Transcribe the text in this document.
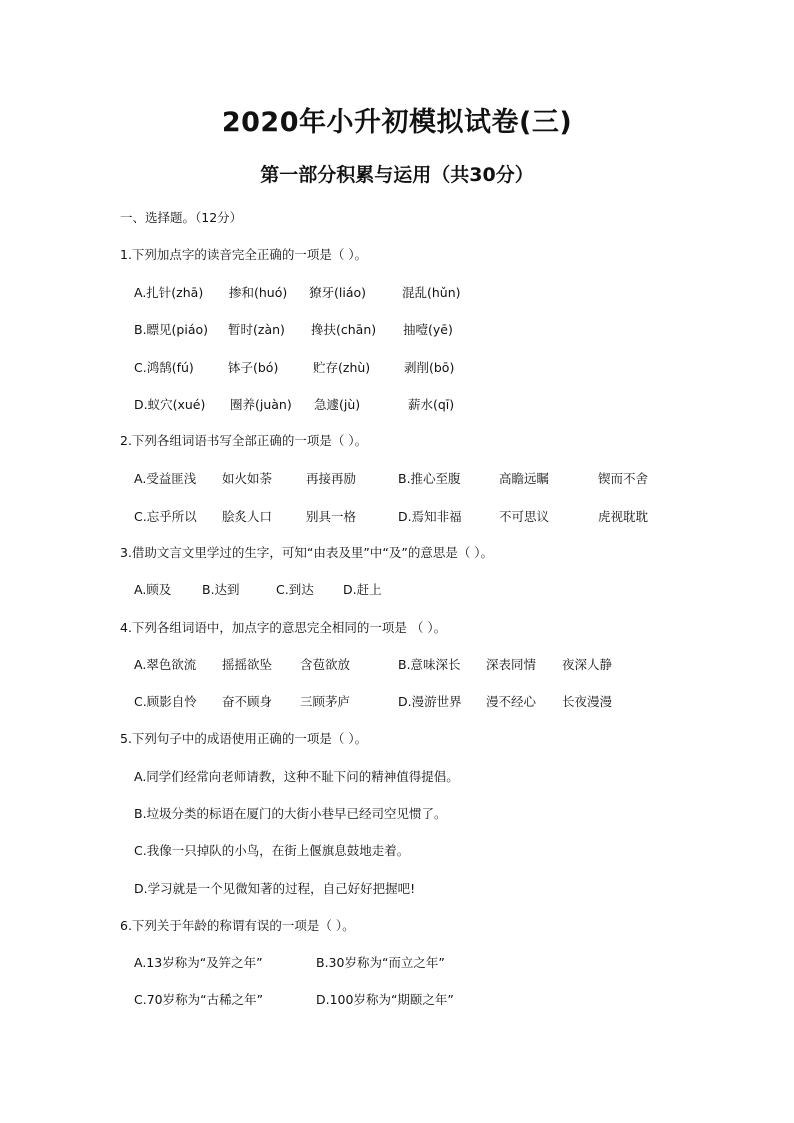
2020年小升初模拟试卷(三)
第一部分积累与运用（共30分）

一、选择题。（12分）

1.下列加点字的读音完全正确的一项是（ ）。

A.扎针(zhā) 掺和(huó) 獠牙(liáo)	混乱(hǔn)
B.瞟见(piáo) 暂时(zàn) 搀扶(chān) 抽噎(yē)
C.鸿鹄(fú)	钵子(bó)	贮存(zhù)	剥削(bō)
D.蚁穴(xué) 圈养(juàn) 急遽(jù)	薪水(qī)

2.下列各组词语书写全部正确的一项是（ ）。

A.受益匪浅 如火如荼	再接再励	B.推心至腹	高瞻远瞩	锲而不舍
C.忘乎所以 脍炙人口	别具一格	D.焉知非福	不可思议	虎视耽耽

3.借助文言文里学过的生字，可知“由表及里”中“及”的意思是（ ）。

A.顾及 B.达到	C.到达 D.赶上

4.下列各组词语中，加点字的意思完全相同的一项是 （ ）。

A.翠色欲流 摇摇欲坠 含苞欲放	B.意味深长 深表同情 夜深人静
C.顾影自怜 奋不顾身 三顾茅庐	D.漫游世界 漫不经心 长夜漫漫

5.下列句子中的成语使用正确的一项是（ ）。

A.同学们经常向老师请教，这种不耻下问的精神值得提倡。

B.垃圾分类的标语在厦门的大街小巷早已经司空见惯了。

C.我像一只掉队的小鸟，在街上偃旗息鼓地走着。

D.学习就是一个见微知著的过程，自己好好把握吧!

6.下列关于年龄的称谓有误的一项是（ ）。

A.13岁称为“及笄之年”	B.30岁称为“而立之年”
C.70岁称为“古稀之年”	D.100岁称为“期颐之年”
